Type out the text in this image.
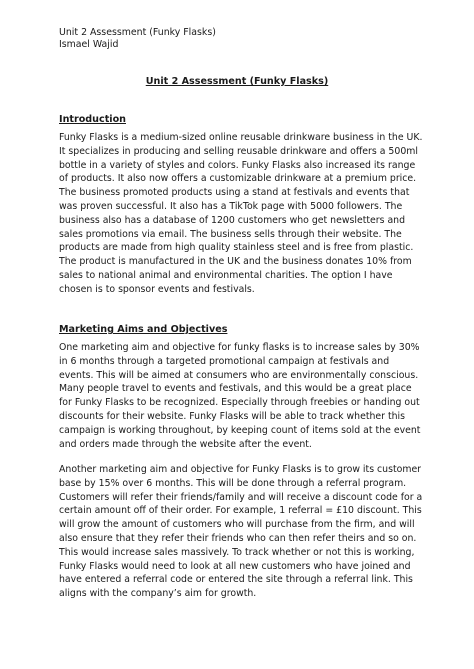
Unit 2 Assessment (Funky Flasks)
Ismael Wajid
Unit 2 Assessment (Funky Flasks)
Introduction

Funky Flasks is a medium-sized online reusable drinkware business in the UK. It specializes in producing and selling reusable drinkware and offers a 500ml bottle in a variety of styles and colors. Funky Flasks also increased its range of products. It also now offers a customizable drinkware at a premium price. The business promoted products using a stand at festivals and events that was proven successful. It also has a TikTok page with 5000 followers. The business also has a database of 1200 customers who get newsletters and sales promotions via email. The business sells through their website. The products are made from high quality stainless steel and is free from plastic. The product is manufactured in the UK and the business donates 10% from sales to national animal and environmental charities. The option I have chosen is to sponsor events and festivals.

Marketing Aims and Objectives

One marketing aim and objective for funky flasks is to increase sales by 30% in 6 months through a targeted promotional campaign at festivals and events. This will be aimed at consumers who are environmentally conscious. Many people travel to events and festivals, and this would be a great place for Funky Flasks to be recognized. Especially through freebies or handing out discounts for their website. Funky Flasks will be able to track whether this campaign is working throughout, by keeping count of items sold at the event and orders made through the website after the event.

Another marketing aim and objective for Funky Flasks is to grow its customer base by 15% over 6 months. This will be done through a referral program. Customers will refer their friends/family and will receive a discount code for a certain amount off of their order. For example, 1 referral = £10 discount. This will grow the amount of customers who will purchase from the firm, and will also ensure that they refer their friends who can then refer theirs and so on. This would increase sales massively. To track whether or not this is working, Funky Flasks would need to look at all new customers who have joined and have entered a referral code or entered the site through a referral link. This aligns with the company’s aim for growth.
